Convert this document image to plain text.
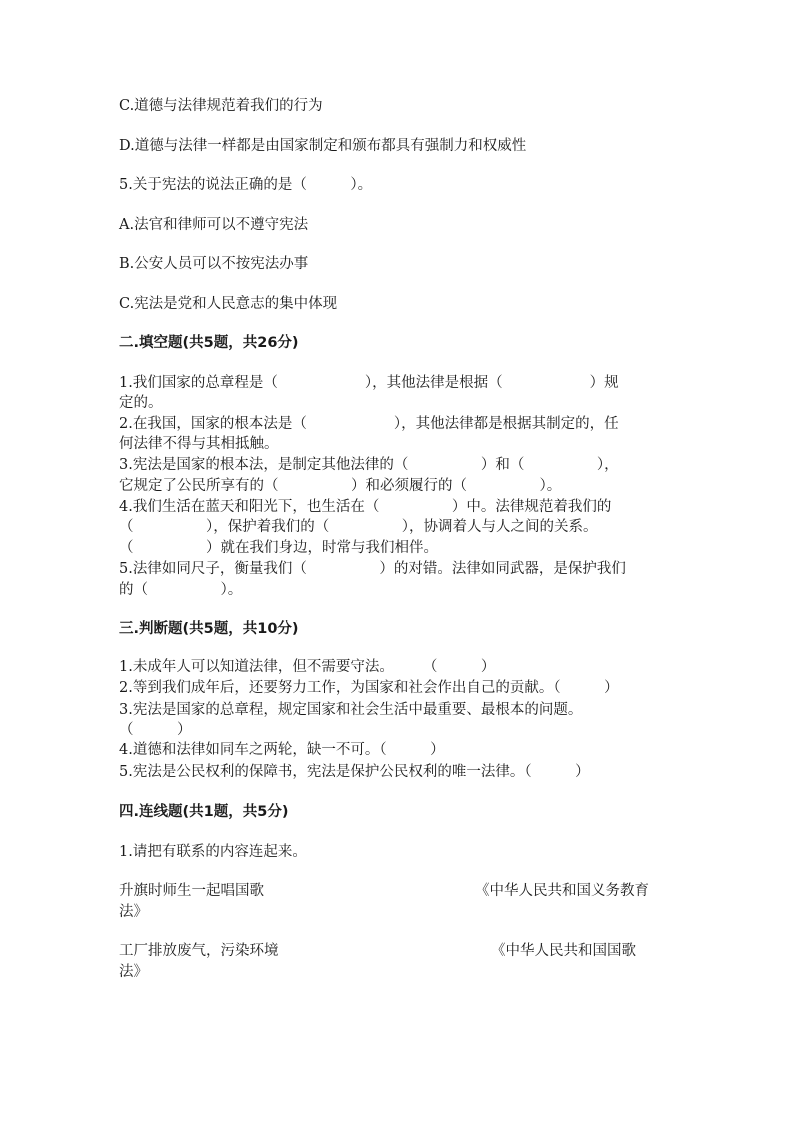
C.道德与法律规范着我们的行为
D.道德与法律一样都是由国家制定和颁布都具有强制力和权威性
5.关于宪法的说法正确的是（　　　）。
A.法官和律师可以不遵守宪法
B.公安人员可以不按宪法办事
C.宪法是党和人民意志的集中体现
二.填空题(共5题，共26分)
1.我们国家的总章程是（　　　　　　），其他法律是根据（　　　　　　）规
定的。
2.在我国，国家的根本法是（　　　　　　），其他法律都是根据其制定的，任
何法律不得与其相抵触。
3.宪法是国家的根本法，是制定其他法律的（　　　　　）和（　　　　　），
它规定了公民所享有的（　　　　　）和必须履行的（　　　　　）。
4.我们生活在蓝天和阳光下，也生活在（　　　　　）中。法律规范着我们的
（　　　　　），保护着我们的（　　　　　），协调着人与人之间的关系。
（　　　　　）就在我们身边，时常与我们相伴。
5.法律如同尺子，衡量我们（　　　　　）的对错。法律如同武器，是保护我们
的（　　　　　）。
三.判断题(共5题，共10分)
1.未成年人可以知道法律，但不需要守法。　　　（　　　）
2.等到我们成年后，还要努力工作，为国家和社会作出自己的贡献。（　　　）
3.宪法是国家的总章程，规定国家和社会生活中最重要、最根本的问题。
（　　　）
4.道德和法律如同车之两轮，缺一不可。（　　　）
5.宪法是公民权利的保障书，宪法是保护公民权利的唯一法律。（　　　）
四.连线题(共1题，共5分)
1.请把有联系的内容连起来。
升旗时师生一起唱国歌	《中华人民共和国义务教育
法》
工厂排放废气，污染环境	《中华人民共和国国歌
法》
